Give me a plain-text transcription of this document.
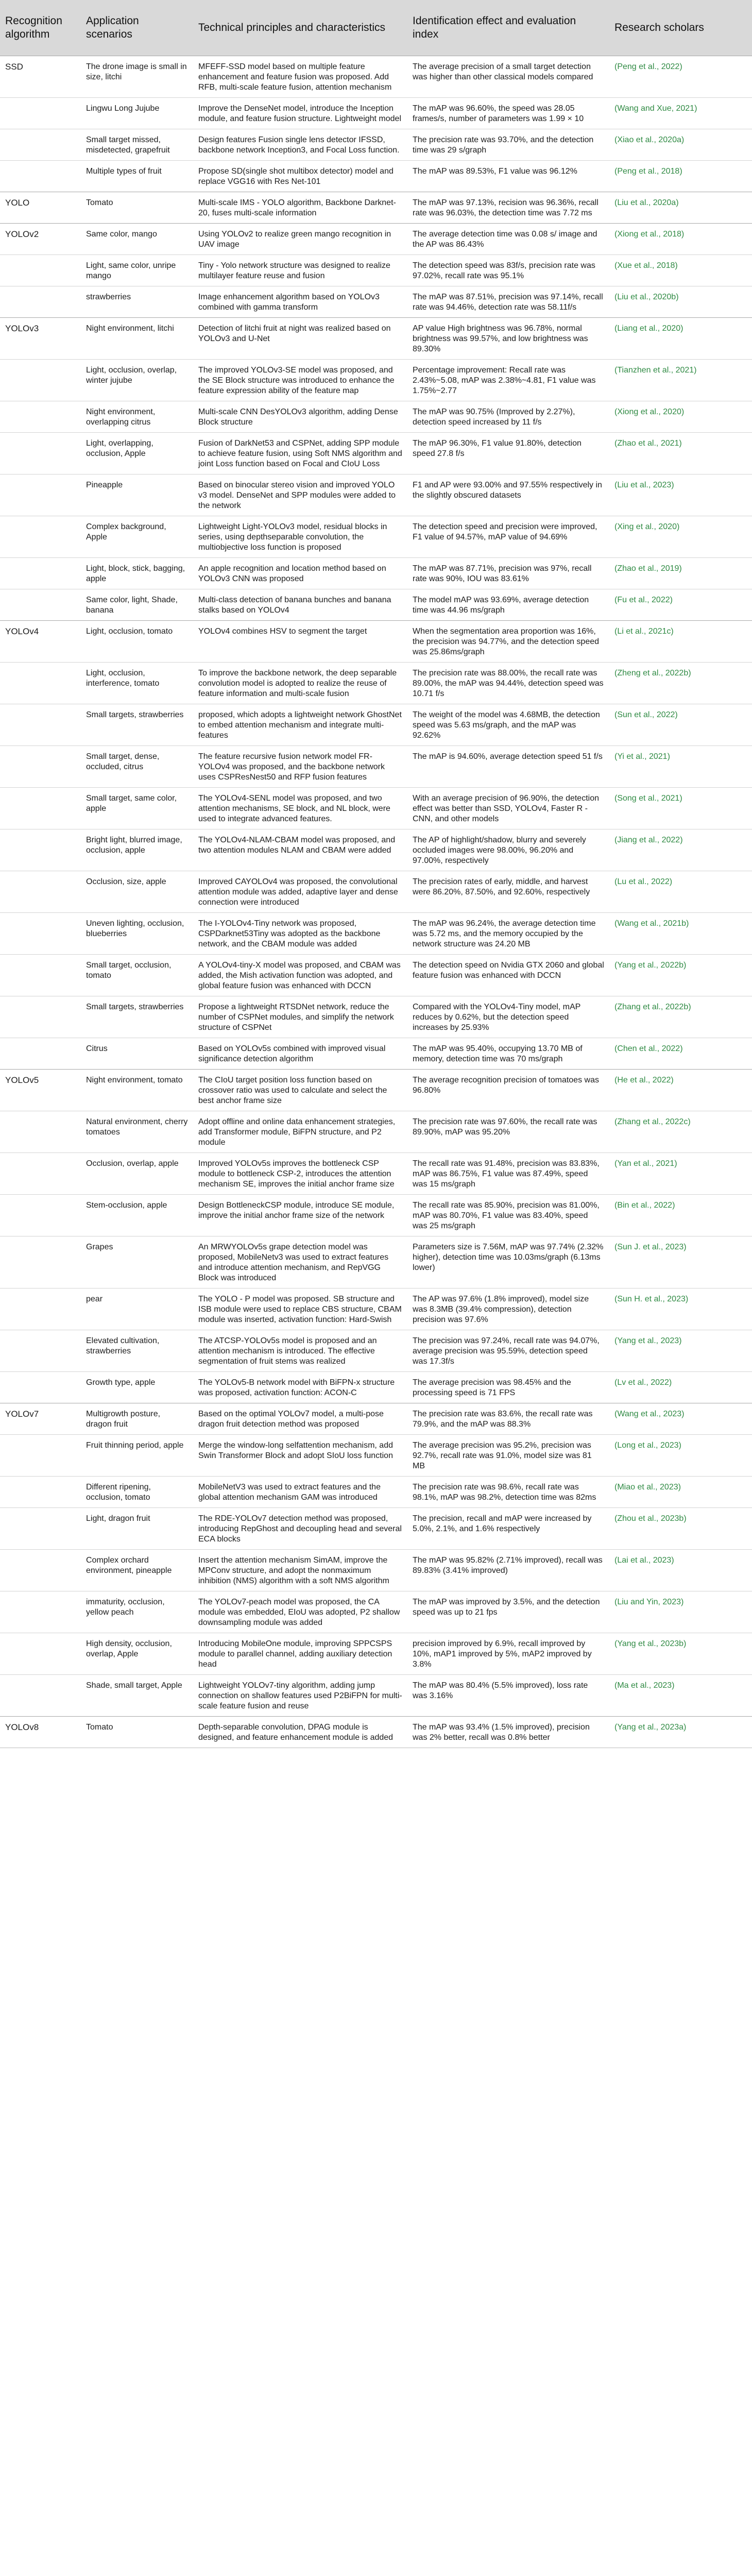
Recognition algorithm	Application scenarios	Technical principles and characteristics	Identification effect and evaluation index	Research scholars
SSD	The drone image is small in size, litchi	MFEFF-SSD model based on multiple feature enhancement and feature fusion was proposed. Add RFB, multi-scale feature fusion, attention mechanism	The average precision of a small target detection was higher than other classical models compared	(Peng et al., 2022)
	Lingwu Long Jujube	Improve the DenseNet model, introduce the Inception module, and feature fusion structure. Lightweight model	The mAP was 96.60%, the speed was 28.05 frames/s, number of parameters was 1.99 × 10	(Wang and Xue, 2021)
	Small target missed, misdetected, grapefruit	Design features Fusion single lens detector IFSSD, backbone network Inception3, and Focal Loss function.	The precision rate was 93.70%, and the detection time was 29 s/graph	(Xiao et al., 2020a)
	Multiple types of fruit	Propose SD(single shot multibox detector) model and replace VGG16 with Res Net-101	The mAP was 89.53%, F1 value was 96.12%	(Peng et al., 2018)
YOLO	Tomato	Multi-scale IMS - YOLO algorithm, Backbone Darknet-20, fuses multi-scale information	The mAP was 97.13%, recision was 96.36%, recall rate was 96.03%, the detection time was 7.72 ms	(Liu et al., 2020a)
YOLOv2	Same color, mango	Using YOLOv2 to realize green mango recognition in UAV image	The average detection time was 0.08 s/ image and the AP was 86.43%	(Xiong et al., 2018)
	Light, same color, unripe mango	Tiny - Yolo network structure was designed to realize multilayer feature reuse and fusion	The detection speed was 83f/s, precision rate was 97.02%, recall rate was 95.1%	(Xue et al., 2018)
	strawberries	Image enhancement algorithm based on YOLOv3 combined with gamma transform	The mAP was 87.51%, precision was 97.14%, recall rate was 94.46%, detection rate was 58.11f/s	(Liu et al., 2020b)
YOLOv3	Night environment, litchi	Detection of litchi fruit at night was realized based on YOLOv3 and U-Net	AP value High brightness was 96.78%, normal brightness was 99.57%, and low brightness was 89.30%	(Liang et al., 2020)
	Light, occlusion, overlap, winter jujube	The improved YOLOv3-SE model was proposed, and the SE Block structure was introduced to enhance the feature expression ability of the feature map	Percentage improvement: Recall rate was 2.43%~5.08, mAP was 2.38%~4.81, F1 value was 1.75%~2.77	(Tianzhen et al., 2021)
	Night environment, overlapping citrus	Multi-scale CNN DesYOLOv3 algorithm, adding Dense Block structure	The mAP was 90.75% (Improved by 2.27%), detection speed increased by 11 f/s	(Xiong et al., 2020)
	Light, overlapping, occlusion, Apple	Fusion of DarkNet53 and CSPNet, adding SPP module to achieve feature fusion, using Soft NMS algorithm and joint Loss function based on Focal and CIoU Loss	The mAP 96.30%, F1 value 91.80%, detection speed 27.8 f/s	(Zhao et al., 2021)
	Pineapple	Based on binocular stereo vision and improved YOLO v3 model. DenseNet and SPP modules were added to the network	F1 and AP were 93.00% and 97.55% respectively in the slightly obscured datasets	(Liu et al., 2023)
	Complex background, Apple	Lightweight Light-YOLOv3 model, residual blocks in series, using depthseparable convolution, the multiobjective loss function is proposed	The detection speed and precision were improved, F1 value of 94.57%, mAP value of 94.69%	(Xing et al., 2020)
	Light, block, stick, bagging, apple	An apple recognition and location method based on YOLOv3 CNN was proposed	The mAP was 87.71%, precision was 97%, recall rate was 90%, IOU was 83.61%	(Zhao et al., 2019)
	Same color, light, Shade, banana	Multi-class detection of banana bunches and banana stalks based on YOLOv4	The model mAP was 93.69%, average detection time was 44.96 ms/graph	(Fu et al., 2022)
YOLOv4	Light, occlusion, tomato	YOLOv4 combines HSV to segment the target	When the segmentation area proportion was 16%, the precision was 94.77%, and the detection speed was 25.86ms/graph	(Li et al., 2021c)
	Light, occlusion, interference, tomato	To improve the backbone network, the deep separable convolution model is adopted to realize the reuse of feature information and multi-scale fusion	The precision rate was 88.00%, the recall rate was 89.00%, the mAP was 94.44%, detection speed was 10.71 f/s	(Zheng et al., 2022b)
	Small targets, strawberries	proposed, which adopts a lightweight network GhostNet to embed attention mechanism and integrate multi-features	The weight of the model was 4.68MB, the detection speed was 5.63 ms/graph, and the mAP was 92.62%	(Sun et al., 2022)
	Small target, dense, occluded, citrus	The feature recursive fusion network model FR-YOLOv4 was proposed, and the backbone network uses CSPResNest50 and RFP fusion features	The mAP is 94.60%, average detection speed 51 f/s	(Yi et al., 2021)
	Small target, same color, apple	The YOLOv4-SENL model was proposed, and two attention mechanisms, SE block, and NL block, were used to integrate advanced features.	With an average precision of 96.90%, the detection effect was better than SSD, YOLOv4, Faster R - CNN, and other models	(Song et al., 2021)
	Bright light, blurred image, occlusion, apple	The YOLOv4-NLAM-CBAM model was proposed, and two attention modules NLAM and CBAM were added	The AP of highlight/shadow, blurry and severely occluded images were 98.00%, 96.20% and 97.00%, respectively	(Jiang et al., 2022)
	Occlusion, size, apple	Improved CAYOLOv4 was proposed, the convolutional attention module was added, adaptive layer and dense connection were introduced	The precision rates of early, middle, and harvest were 86.20%, 87.50%, and 92.60%, respectively	(Lu et al., 2022)
	Uneven lighting, occlusion, blueberries	The I-YOLOv4-Tiny network was proposed, CSPDarknet53Tiny was adopted as the backbone network, and the CBAM module was added	The mAP was 96.24%, the average detection time was 5.72 ms, and the memory occupied by the network structure was 24.20 MB	(Wang et al., 2021b)
	Small target, occlusion, tomato	A YOLOv4-tiny-X model was proposed, and CBAM was added, the Mish activation function was adopted, and global feature fusion was enhanced with DCCN	The detection speed on Nvidia GTX 2060 and global feature fusion was enhanced with DCCN	(Yang et al., 2022b)
	Small targets, strawberries	Propose a lightweight RTSDNet network, reduce the number of CSPNet modules, and simplify the network structure of CSPNet	Compared with the YOLOv4-Tiny model, mAP reduces by 0.62%, but the detection speed increases by 25.93%	(Zhang et al., 2022b)
	Citrus	Based on YOLOv5s combined with improved visual significance detection algorithm	The mAP was 95.40%, occupying 13.70 MB of memory, detection time was 70 ms/graph	(Chen et al., 2022)
YOLOv5	Night environment, tomato	The CIoU target position loss function based on crossover ratio was used to calculate and select the best anchor frame size	The average recognition precision of tomatoes was 96.80%	(He et al., 2022)
	Natural environment, cherry tomatoes	Adopt offline and online data enhancement strategies, add Transformer module, BiFPN structure, and P2 module	The precision rate was 97.60%, the recall rate was 89.90%, mAP was 95.20%	(Zhang et al., 2022c)
	Occlusion, overlap, apple	Improved YOLOv5s improves the bottleneck CSP module to bottleneck CSP-2, introduces the attention mechanism SE, improves the initial anchor frame size	The recall rate was 91.48%, precision was 83.83%, mAP was 86.75%, F1 value was 87.49%, speed was 15 ms/graph	(Yan et al., 2021)
	Stem-occlusion, apple	Design BottleneckCSP module, introduce SE module, improve the initial anchor frame size of the network	The recall rate was 85.90%, precision was 81.00%, mAP was 80.70%, F1 value was 83.40%, speed was 25 ms/graph	(Bin et al., 2022)
	Grapes	An MRWYOLOv5s grape detection model was proposed, MobileNetv3 was used to extract features and introduce attention mechanism, and RepVGG Block was introduced	Parameters size is 7.56M, mAP was 97.74% (2.32% higher), detection time was 10.03ms/graph (6.13ms lower)	(Sun J. et al., 2023)
	pear	The YOLO - P model was proposed. SB structure and ISB module were used to replace CBS structure, CBAM module was inserted, activation function: Hard-Swish	The AP was 97.6% (1.8% improved), model size was 8.3MB (39.4% compression), detection precision was 97.6%	(Sun H. et al., 2023)
	Elevated cultivation, strawberries	The ATCSP-YOLOv5s model is proposed and an attention mechanism is introduced. The effective segmentation of fruit stems was realized	The precision was 97.24%, recall rate was 94.07%, average precision was 95.59%, detection speed was 17.3f/s	(Yang et al., 2023)
	Growth type, apple	The YOLOv5-B network model with BiFPN-x structure was proposed, activation function: ACON-C	The average precision was 98.45% and the processing speed is 71 FPS	(Lv et al., 2022)
YOLOv7	Multigrowth posture, dragon fruit	Based on the optimal YOLOv7 model, a multi-pose dragon fruit detection method was proposed	The precision rate was 83.6%, the recall rate was 79.9%, and the mAP was 88.3%	(Wang et al., 2023)
	Fruit thinning period, apple	Merge the window-long selfattention mechanism, add Swin Transformer Block and adopt SIoU loss function	The average precision was 95.2%, precision was 92.7%, recall rate was 91.0%, model size was 81 MB	(Long et al., 2023)
	Different ripening, occlusion, tomato	MobileNetV3 was used to extract features and the global attention mechanism GAM was introduced	The precision rate was 98.6%, recall rate was 98.1%, mAP was 98.2%, detection time was 82ms	(Miao et al., 2023)
	Light, dragon fruit	The RDE-YOLOv7 detection method was proposed, introducing RepGhost and decoupling head and several ECA blocks	The precision, recall and mAP were increased by 5.0%, 2.1%, and 1.6% respectively	(Zhou et al., 2023b)
	Complex orchard environment, pineapple	Insert the attention mechanism SimAM, improve the MPConv structure, and adopt the nonmaximum inhibition (NMS) algorithm with a soft NMS algorithm	The mAP was 95.82% (2.71% improved), recall was 89.83% (3.41% improved)	(Lai et al., 2023)
	immaturity, occlusion, yellow peach	The YOLOv7-peach model was proposed, the CA module was embedded, EIoU was adopted, P2 shallow downsampling module was added	The mAP was improved by 3.5%, and the detection speed was up to 21 fps	(Liu and Yin, 2023)
	High density, occlusion, overlap, Apple	Introducing MobileOne module, improving SPPCSPS module to parallel channel, adding auxiliary detection head	precision improved by 6.9%, recall improved by 10%, mAP1 improved by 5%, mAP2 improved by 3.8%	(Yang et al., 2023b)
	Shade, small target, Apple	Lightweight YOLOv7-tiny algorithm, adding jump connection on shallow features used P2BiFPN for multi-scale feature fusion and reuse	The mAP was 80.4% (5.5% improved), loss rate was 3.16%	(Ma et al., 2023)
YOLOv8	Tomato	Depth-separable convolution, DPAG module is designed, and feature enhancement module is added	The mAP was 93.4% (1.5% improved), precision was 2% better, recall was 0.8% better	(Yang et al., 2023a)
